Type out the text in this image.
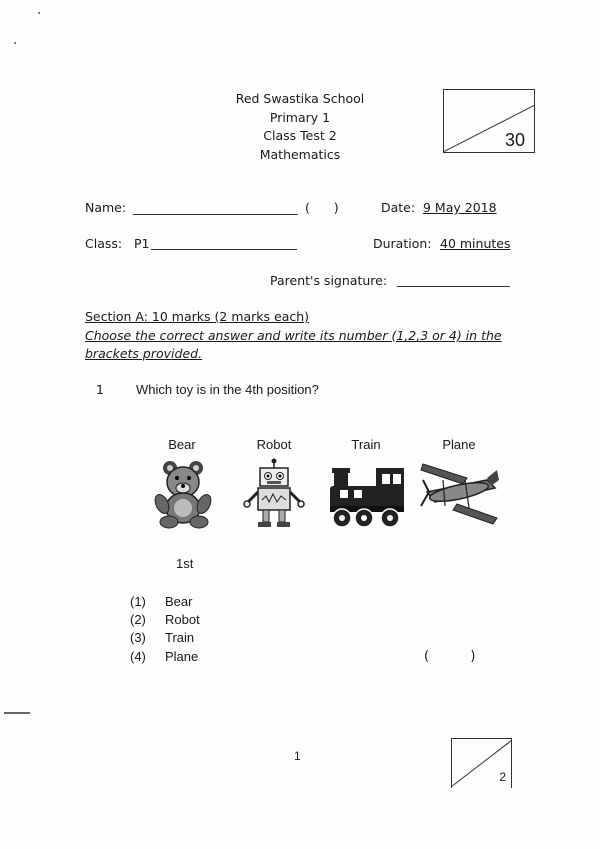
Red Swastika School
Primary 1
Class Test 2
Mathematics
30
Name:	(      )	Date: 9 May 2018
Class: P1	Duration: 40 minutes
Parent's signature:
Section A: 10 marks (2 marks each)
Choose the correct answer and write its number (1,2,3 or 4) in the brackets provided.
1 Which toy is in the 4th position?
Bear	Robot	Train	Plane
1st
(1) Bear
(2) Robot
(3) Train
(4) Plane	(          )
1
2
